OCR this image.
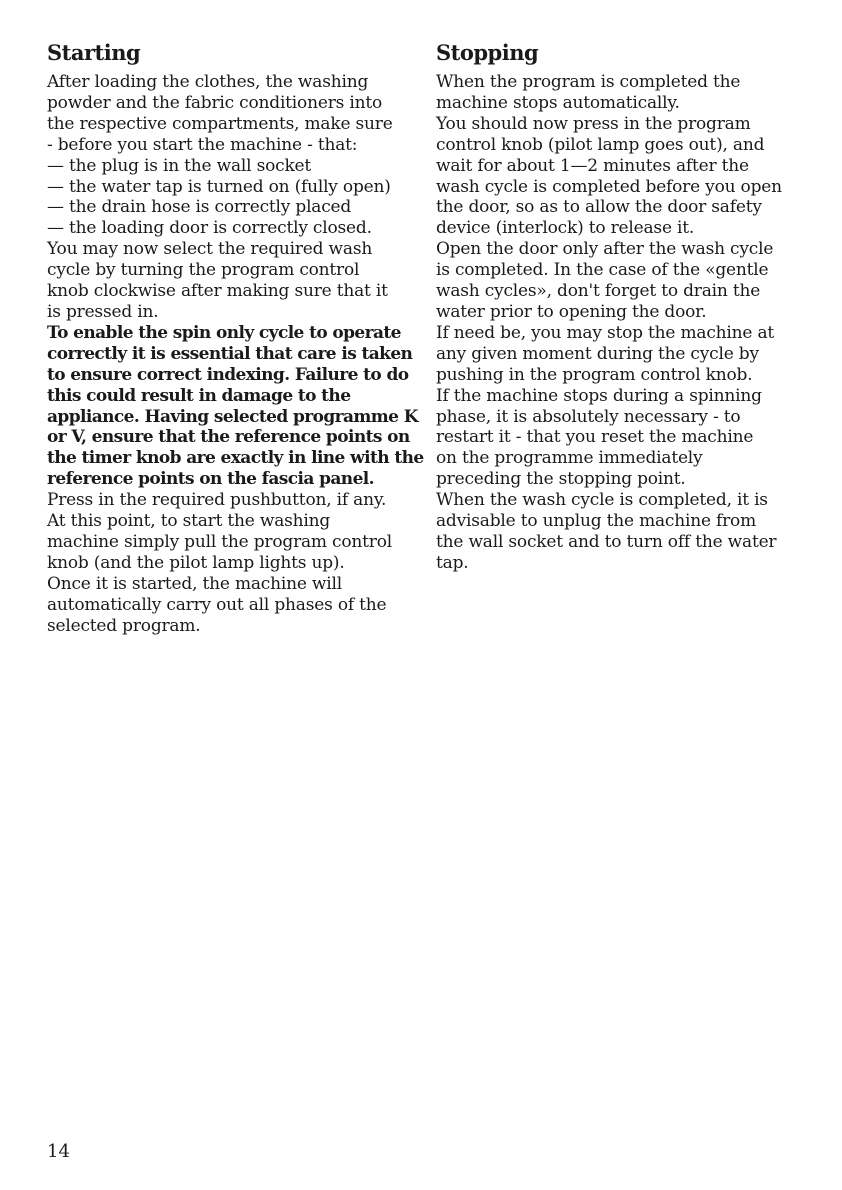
Starting
After loading the clothes, the washing
powder and the fabric conditioners into
the respective compartments, make sure
- before you start the machine - that:
— the plug is in the wall socket
— the water tap is turned on (fully open)
— the drain hose is correctly placed
— the loading door is correctly closed.
You may now select the required wash
cycle by turning the program control
knob clockwise after making sure that it
is pressed in.
To enable the spin only cycle to operate
correctly it is essential that care is taken
to ensure correct indexing. Failure to do
this could result in damage to the
appliance. Having selected programme K
or V, ensure that the reference points on
the timer knob are exactly in line with the
reference points on the fascia panel.
Press in the required pushbutton, if any.
At this point, to start the washing
machine simply pull the program control
knob (and the pilot lamp lights up).
Once it is started, the machine will
automatically carry out all phases of the
selected program.
Stopping
When the program is completed the
machine stops automatically.
You should now press in the program
control knob (pilot lamp goes out), and
wait for about 1—2 minutes after the
wash cycle is completed before you open
the door, so as to allow the door safety
device (interlock) to release it.
Open the door only after the wash cycle
is completed. In the case of the «gentle
wash cycles», don't forget to drain the
water prior to opening the door.
If need be, you may stop the machine at
any given moment during the cycle by
pushing in the program control knob.
If the machine stops during a spinning
phase, it is absolutely necessary - to
restart it - that you reset the machine
on the programme immediately
preceding the stopping point.
When the wash cycle is completed, it is
advisable to unplug the machine from
the wall socket and to turn off the water
tap.
14
